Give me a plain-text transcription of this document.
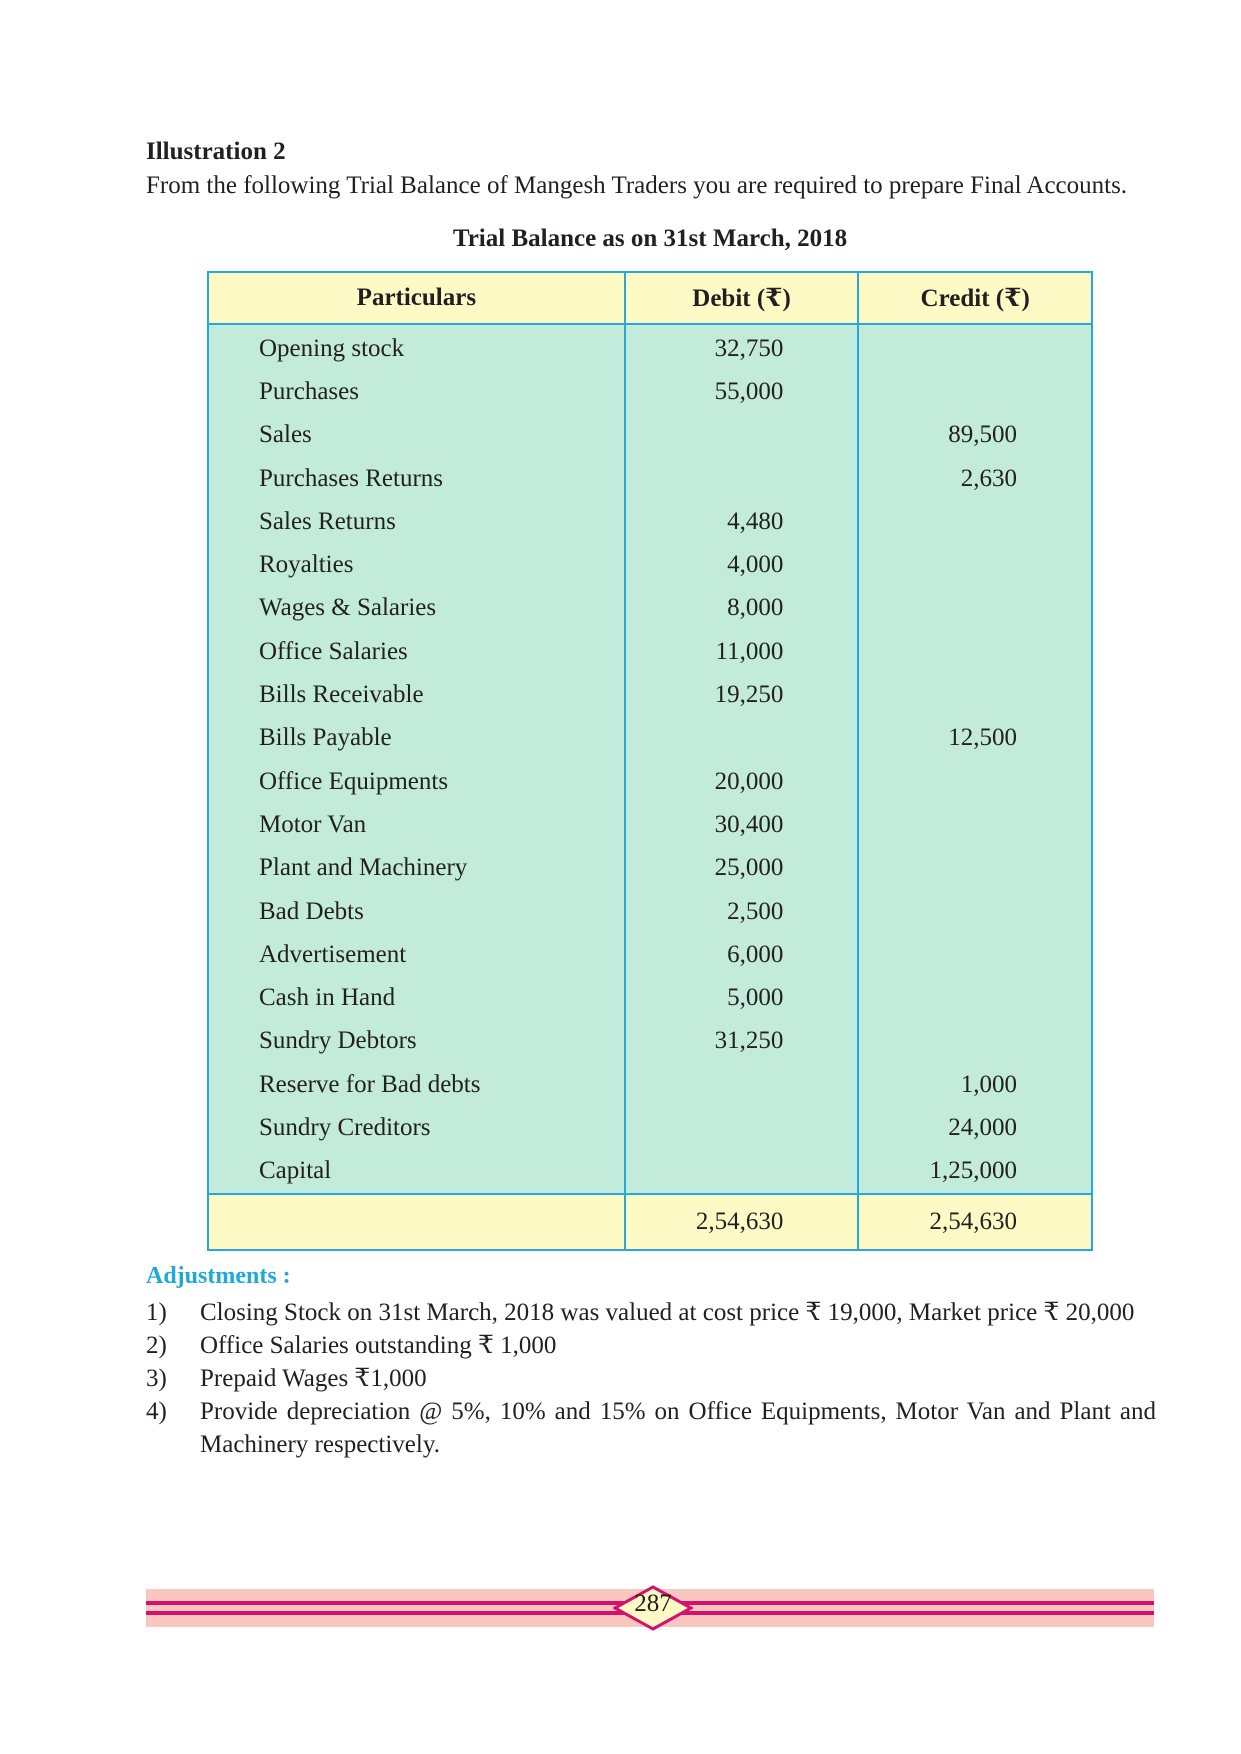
Illustration 2
From the following Trial Balance of Mangesh Traders you are required to prepare Final Accounts.
Trial Balance as on 31st March, 2018
Particulars	Debit (₹)	Credit (₹)
Opening stock	32,750	
Purchases	55,000	
Sales		89,500
Purchases Returns		2,630
Sales Returns	4,480	
Royalties	4,000	
Wages & Salaries	8,000	
Office Salaries	11,000	
Bills Receivable	19,250	
Bills Payable		12,500
Office Equipments	20,000	
Motor Van	30,400	
Plant and Machinery	25,000	
Bad Debts	2,500	
Advertisement	6,000	
Cash in Hand	5,000	
Sundry Debtors	31,250	
Reserve for Bad debts		1,000
Sundry Creditors		24,000
Capital		1,25,000
	2,54,630	2,54,630
Adjustments :
1) Closing Stock on 31st March, 2018 was valued at cost price ₹ 19,000, Market price ₹ 20,000
2) Office Salaries outstanding ₹ 1,000
3) Prepaid Wages ₹1,000
4) Provide depreciation @ 5%, 10% and 15% on Office Equipments, Motor Van and Plant and Machinery respectively.
287
